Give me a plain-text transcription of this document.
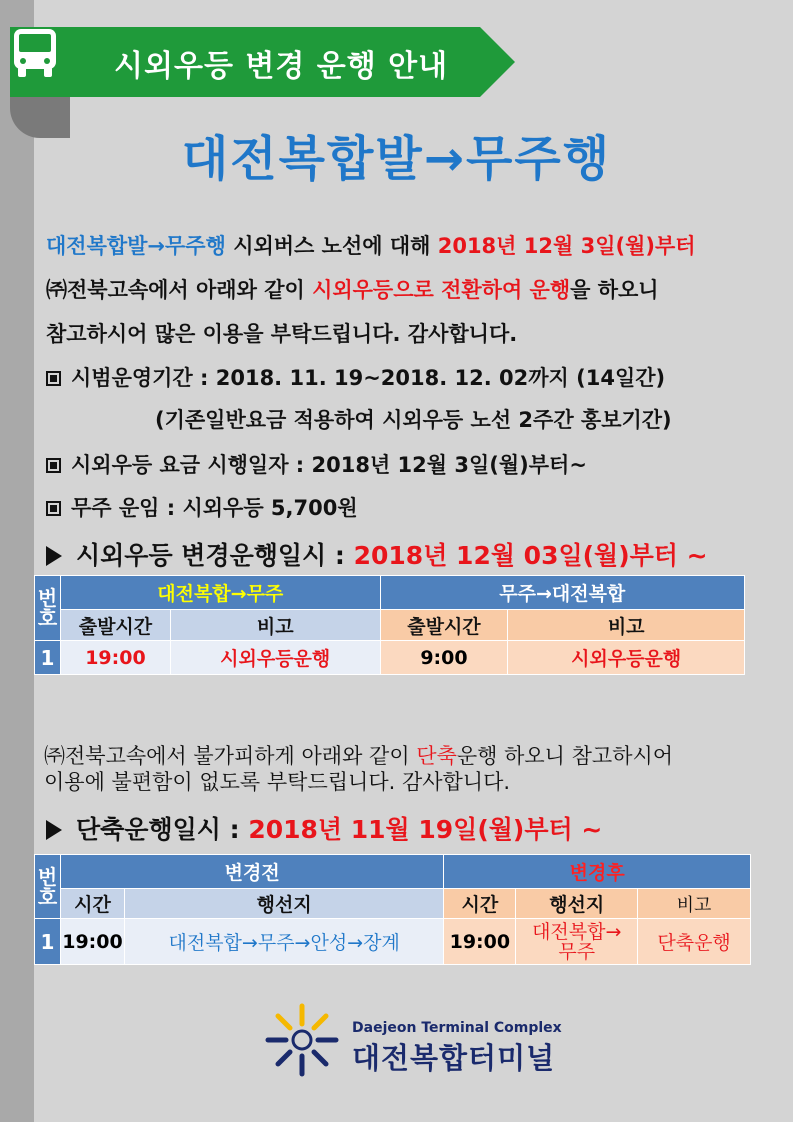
시외우등 변경 운행 안내
대전복합발→무주행
대전복합발→무주행 시외버스 노선에 대해 2018년 12월 3일(월)부터
㈜전북고속에서 아래와 같이 시외우등으로 전환하여 운행을 하오니
참고하시어 많은 이용을 부탁드립니다. 감사합니다.
시범운영기간 : 2018. 11. 19~2018. 12. 02까지 (14일간)
(기존일반요금 적용하여 시외우등 노선 2주간 홍보기간)
시외우등 요금 시행일자 : 2018년 12월 3일(월)부터~
무주 운임 : 시외우등 5,700원
시외우등 변경운행일시 : 2018년 12월 03일(월)부터 ~
번호	대전복합→무주		무주→대전복합	
	출발시간	비고	출발시간	비고
1	19:00	시외우등운행	9:00	시외우등운행
㈜전북고속에서 불가피하게 아래와 같이 단축운행 하오니 참고하시어
이용에 불편함이 없도록 부탁드립니다. 감사합니다.
단축운행일시 : 2018년 11월 19일(월)부터 ~
번호	변경전		변경후		
	시간	행선지	시간	행선지	비고
1	19:00	대전복합→무주→안성→장계	19:00	대전복합→무주	단축운행
Daejeon Terminal Complex
대전복합터미널
